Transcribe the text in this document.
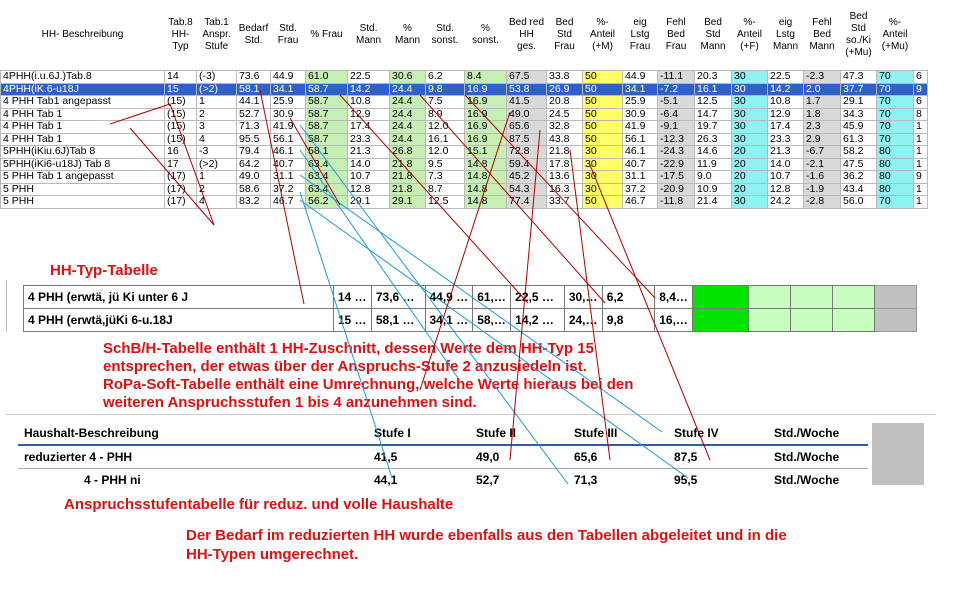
HH- Beschreibung	Tab.8 HH-Typ	Tab.1 Anspr. Stufe	Bedarf Std.	Std. Frau	% Frau	Std. Mann	% Mann	Std. sonst.	% sonst.	Bed red HH ges.	Bed Std Frau	%-Anteil (+M)	eig Lstg Frau	Fehl Bed Frau	Bed Std Mann	%-Anteil (+F)	eig Lstg Mann	Fehl Bed Mann	Bed Std so./Ki (+Mu)	%-Anteil (+Mu)	
4PHH(i.u.6J.)Tab.8	14	(-3)	73.6	44.9	61.0	22.5	30.6	6.2	8.4	67.5	33.8	50	44.9	-11.1	20.3	30	22.5	-2.3	47.3	70	6
4PHH(iK.6-u18J	15	(>2)	58.1	34.1	58.7	14.2	24.4	9.8	16.9	53.8	26.9	50	34.1	-7.2	16.1	30	14.2	2.0	37.7	70	9
4 PHH Tab1 angepasst	(15)	1	44.1	25.9	58.7	10.8	24.4	7.5	16.9	41.5	20.8	50	25.9	-5.1	12.5	30	10.8	1.7	29.1	70	6
4 PHH Tab 1	(15)	2	52.7	30.9	58.7	12.9	24.4	8.9	16.9	49.0	24.5	50	30.9	-6.4	14.7	30	12.9	1.8	34.3	70	8
4 PHH Tab 1	(15)	3	71.3	41.9	58.7	17.4	24.4	12.0	16.9	65.6	32.8	50	41.9	-9.1	19.7	30	17.4	2.3	45.9	70	1
4 PHH Tab 1	(15)	4	95.5	56.1	58.7	23.3	24.4	16.1	16.9	87.5	43.8	50	56.1	-12.3	26.3	30	23.3	2.9	61.3	70	1
5PHH(iKiu.6J)Tab 8	16	-3	79.4	46.1	58.1	21.3	26.8	12.0	15.1	72.8	21.8	30	46.1	-24.3	14.6	20	21.3	-6.7	58.2	80	1
5PHH(iKi6-u18J) Tab 8	17	(>2)	64.2	40.7	63.4	14.0	21.8	9.5	14.8	59.4	17.8	30	40.7	-22.9	11.9	20	14.0	-2.1	47.5	80	1
5 PHH Tab 1 angepasst	(17)	1	49.0	31.1	63.4	10.7	21.8	7.3	14.8	45.2	13.6	30	31.1	-17.5	9.0	20	10.7	-1.6	36.2	80	9
5 PHH	(17)	2	58.6	37.2	63.4	12.8	21.8	8.7	14.8	54.3	16.3	30	37.2	-20.9	10.9	20	12.8	-1.9	43.4	80	1
5 PHH	(17)	4	83.2	46.7	56.2	29.1	29.1	12.5	14.8	77.4	33.7	50	46.7	-11.8	21.4	30	24.2	-2.8	56.0	70	1
HH-Typ-Tabelle
4 PHH (erwtä, jü Ki unter 6 J	14 …	73,6 …	44,9 …	61,…	22,5 …	30,…	6,2	8,4…					
4 PHH (erwtä,jüKi 6-u.18J	15 …	58,1 …	34,1 …	58,…	14,2 …	24,…	9,8	16,…					
SchB/H-Tabelle enthält 1 HH-Zuschnitt, dessen Werte dem HH-Typ 15 entsprechen, der etwas über der Anspruchs-Stufe 2 anzusiedeln ist.
RoPa-Soft-Tabelle enthält eine Umrechnung, welche Werte hieraus bei den weiteren Anspruchsstufen 1 bis 4 anzunehmen sind.
Haushalt-Beschreibung	Stufe I	Stufe II	Stufe III	Stufe IV	Std./Woche
reduzierter 4 - PHH	41,5	49,0	65,6	87,5	Std./Woche
4 - PHH ni	44,1	52,7	71,3	95,5	Std./Woche
Anspruchsstufentabelle für reduz. und volle Haushalte
Der Bedarf im reduzierten HH wurde ebenfalls aus den Tabellen abgeleitet und in die HH-Typen umgerechnet.
